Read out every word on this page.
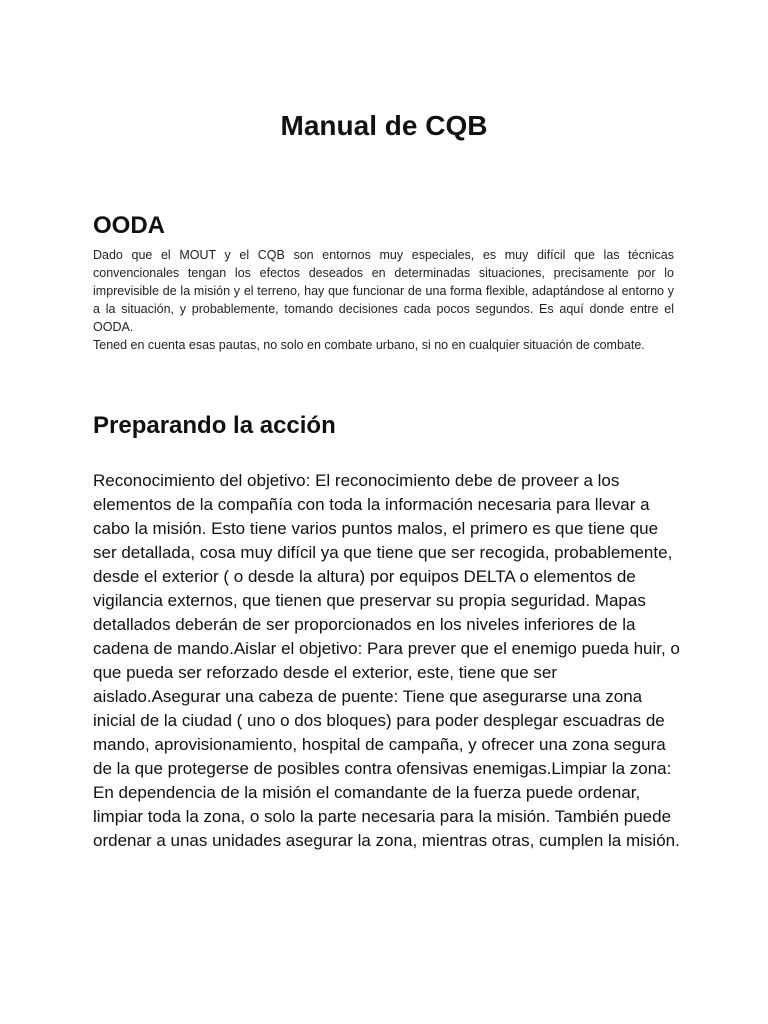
Manual de CQB
OODA

Dado que el MOUT y el CQB son entornos muy especiales, es muy difícil que las técnicas convencionales tengan los efectos deseados en determinadas situaciones, precisamente por lo imprevisible de la misión y el terreno, hay que funcionar de una forma flexible, adaptándose al entorno y a la situación, y probablemente, tomando decisiones cada pocos segundos. Es aquí donde entre el OODA.

Tened en cuenta esas pautas, no solo en combate urbano, si no en cualquier situación de combate.

Preparando la acción

Reconocimiento del objetivo: El reconocimiento debe de proveer a los elementos de la compañía con toda la información necesaria para llevar a cabo la misión. Esto tiene varios puntos malos, el primero es que tiene que ser detallada, cosa muy difícil ya que tiene que ser recogida, probablemente, desde el exterior ( o desde la altura) por equipos DELTA o elementos de vigilancia externos, que tienen que preservar su propia seguridad. Mapas detallados deberán de ser proporcionados en los niveles inferiores de la cadena de mando.Aislar el objetivo: Para prever que el enemigo pueda huir, o que pueda ser reforzado desde el exterior, este, tiene que ser aislado.Asegurar una cabeza de puente: Tiene que asegurarse una zona inicial de la ciudad ( uno o dos bloques) para poder desplegar escuadras de mando, aprovisionamiento, hospital de campaña, y ofrecer una zona segura de la que protegerse de posibles contra ofensivas enemigas.Limpiar la zona: En dependencia de la misión el comandante de la fuerza puede ordenar, limpiar toda la zona, o solo la parte necesaria para la misión. También puede ordenar a unas unidades asegurar la zona, mientras otras, cumplen la misión.
